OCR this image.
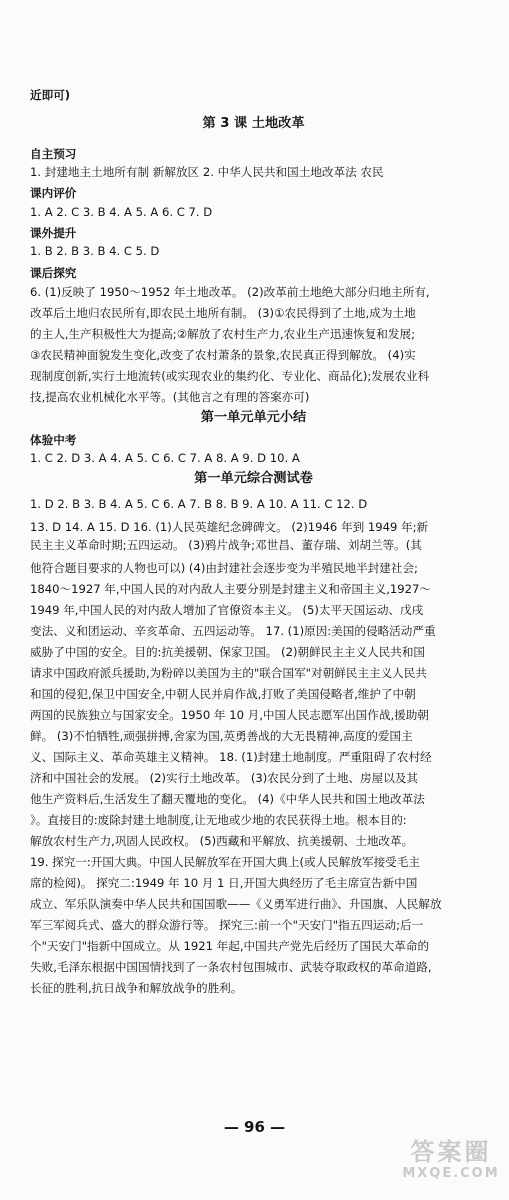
近即可)
第 3 课 土地改革
自主预习
1. 封建地主土地所有制 新解放区 2. 中华人民共和国土地改革法 农民
课内评价
1. A 2. C 3. B 4. A 5. A 6. C 7. D
课外提升
1. B 2. B 3. B 4. C 5. D
课后探究
6. (1)反映了 1950～1952 年土地改革。 (2)改革前土地绝大部分归地主所有,
改革后土地归农民所有,即农民土地所有制。 (3)①农民得到了土地,成为土地
的主人,生产积极性大为提高;②解放了农村生产力,农业生产迅速恢复和发展;
③农民精神面貌发生变化,改变了农村萧条的景象,农民真正得到解放。 (4)实
现制度创新,实行土地流转(或实现农业的集约化、专业化、商品化);发展农业科
技,提高农业机械化水平等。(其他言之有理的答案亦可)
第一单元单元小结
体验中考
1. C 2. D 3. A 4. A 5. C 6. C 7. A 8. A 9. D 10. A
第一单元综合测试卷
1. D 2. B 3. B 4. A 5. C 6. A 7. B 8. B 9. A 10. A 11. C 12. D
13. D 14. A 15. D 16. (1)人民英雄纪念碑碑文。 (2)1946 年到 1949 年;新
民主主义革命时期;五四运动。 (3)鸦片战争;邓世昌、董存瑞、刘胡兰等。(其
他符合题目要求的人物也可以) (4)由封建社会逐步变为半殖民地半封建社会;
1840～1927 年,中国人民的对内敌人主要分别是封建主义和帝国主义,1927～
1949 年,中国人民的对内敌人增加了官僚资本主义。 (5)太平天国运动、戊戌
变法、义和团运动、辛亥革命、五四运动等。 17. (1)原因:美国的侵略活动严重
威胁了中国的安全。目的:抗美援朝、保家卫国。 (2)朝鲜民主主义人民共和国
请求中国政府派兵援助,为粉碎以美国为主的"联合国军"对朝鲜民主主义人民共
和国的侵犯,保卫中国安全,中朝人民并肩作战,打败了美国侵略者,维护了中朝
两国的民族独立与国家安全。1950 年 10 月,中国人民志愿军出国作战,援助朝
鲜。 (3)不怕牺牲,顽强拼搏,舍家为国,英勇善战的大无畏精神,高度的爱国主
义、国际主义、革命英雄主义精神。 18. (1)封建土地制度。严重阻碍了农村经
济和中国社会的发展。 (2)实行土地改革。 (3)农民分到了土地、房屋以及其
他生产资料后,生活发生了翻天覆地的变化。 (4)《中华人民共和国土地改革法
》。直接目的:废除封建土地制度,让无地或少地的农民获得土地。根本目的:
解放农村生产力,巩固人民政权。 (5)西藏和平解放、抗美援朝、土地改革。
19. 探究一:开国大典。中国人民解放军在开国大典上(或人民解放军接受毛主
席的检阅)。 探究二:1949 年 10 月 1 日,开国大典经历了毛主席宣告新中国
成立、军乐队演奏中华人民共和国国歌——《义勇军进行曲》、升国旗、人民解放
军三军阅兵式、盛大的群众游行等。 探究三:前一个"天安门"指五四运动;后一
个"天安门"指新中国成立。从 1921 年起,中国共产党先后经历了国民大革命的
失败,毛泽东根据中国国情找到了一条农村包围城市、武装夺取政权的革命道路,
长征的胜利,抗日战争和解放战争的胜利。
— 96 —
答案圈
MXQE.COM
